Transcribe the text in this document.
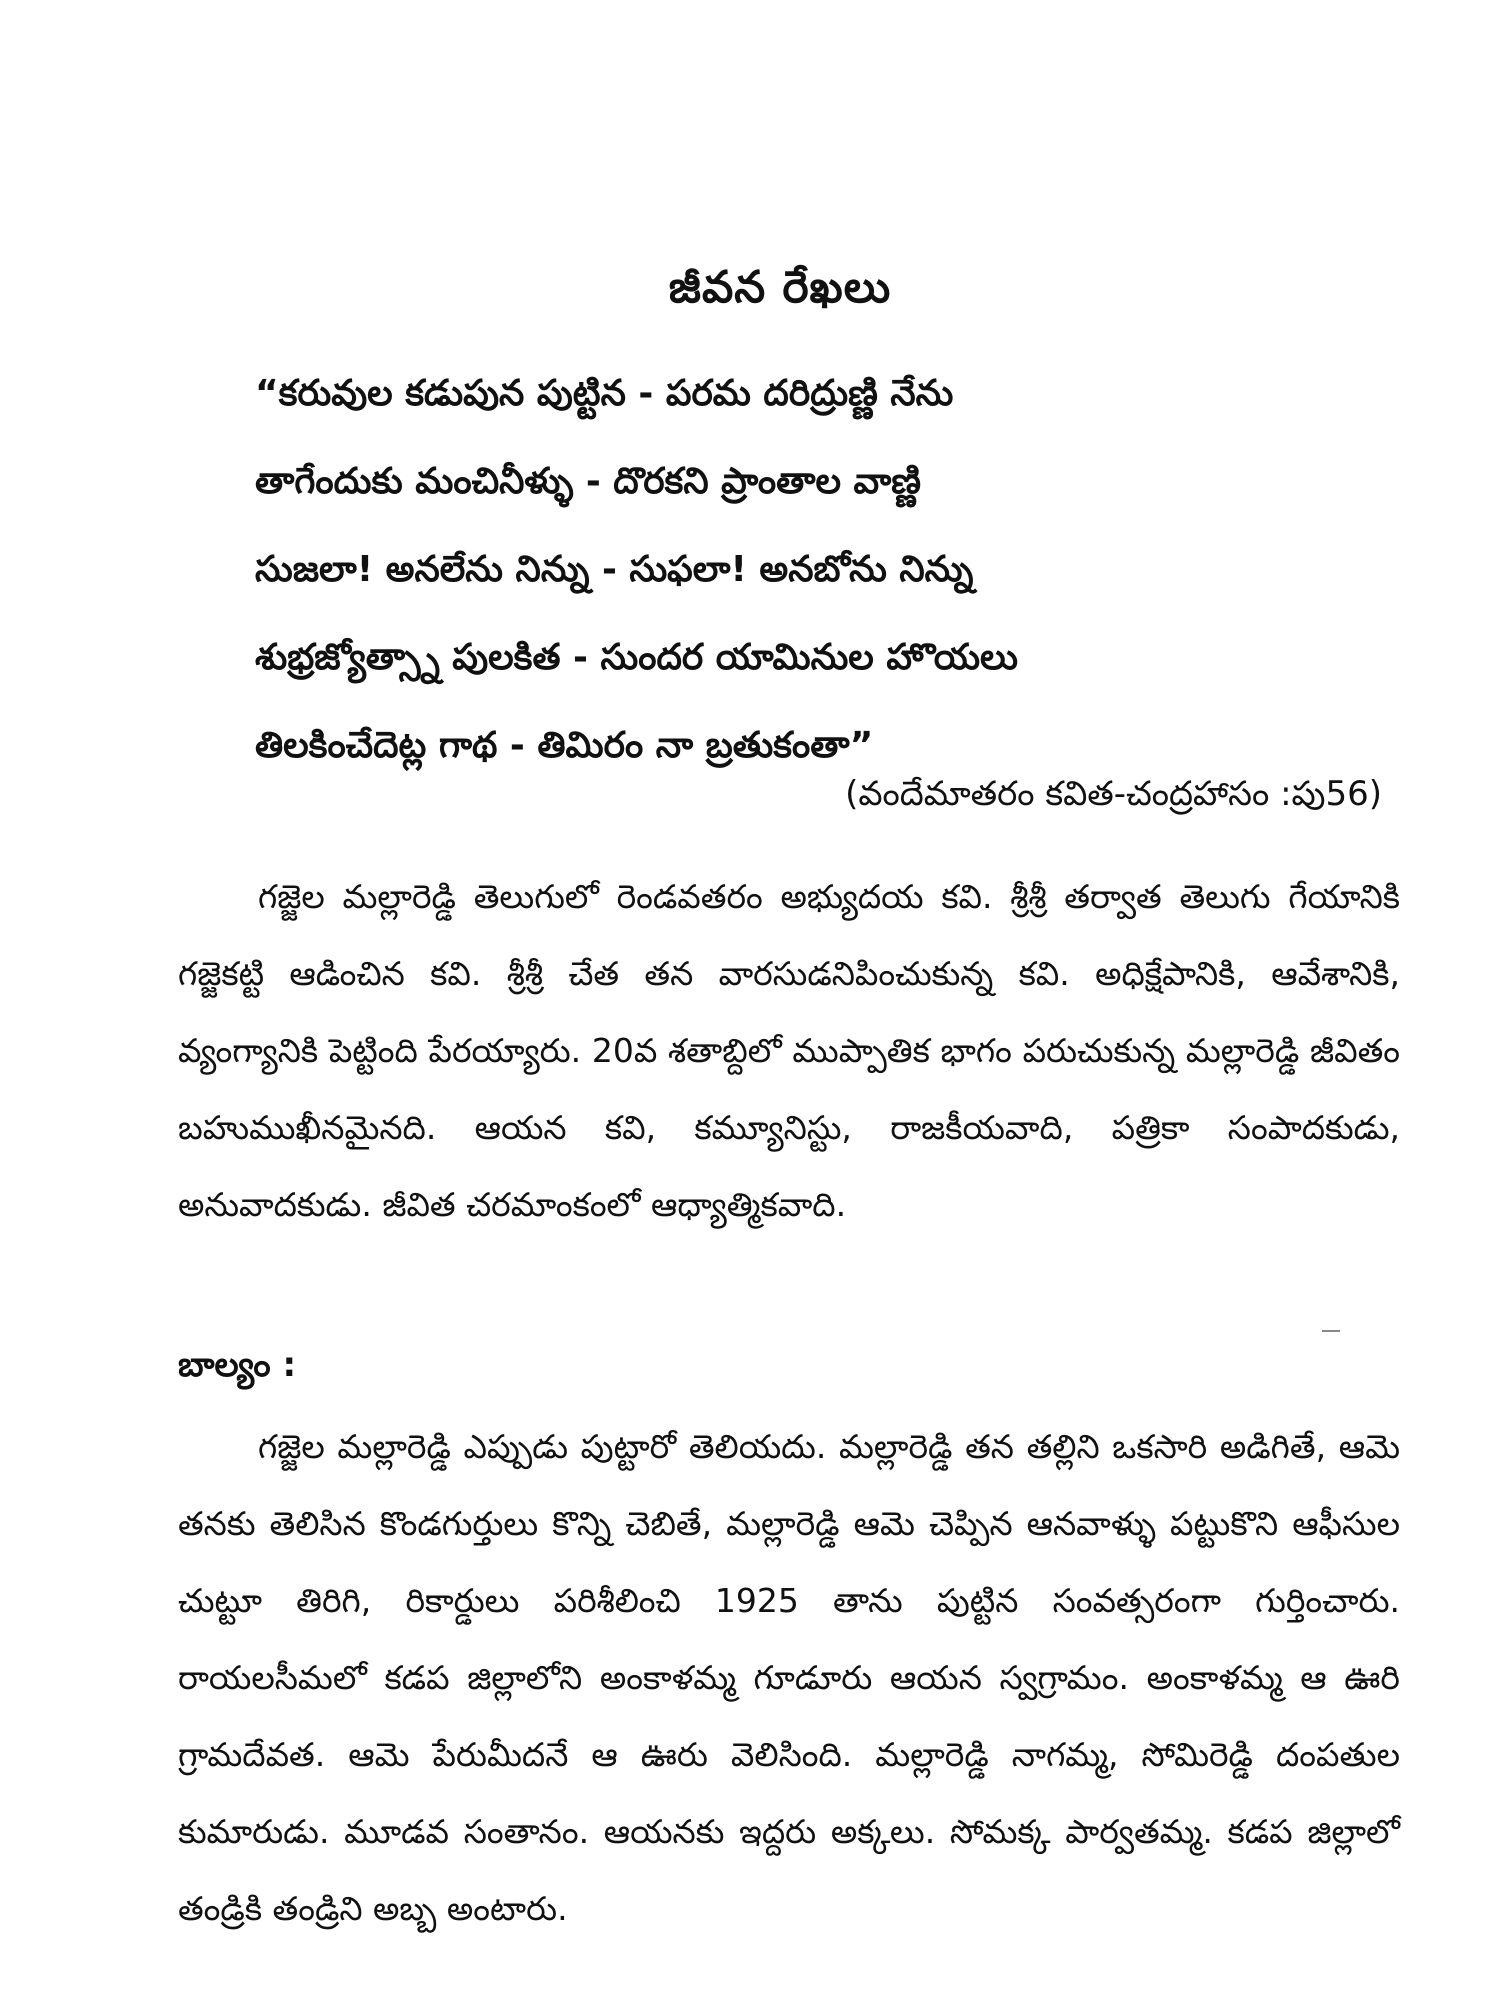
జీవన రేఖలు
“కరువుల కడుపున పుట్టిన - పరమ దరిద్రుణ్ణి నేను
తాగేందుకు మంచినీళ్ళు - దొరకని ప్రాంతాల వాణ్ణి
సుజలా! అనలేను నిన్ను - సుఫలా! అనబోను నిన్ను
శుభ్రజ్యోత్స్నా పులకిత - సుందర యామినుల హొయలు
తిలకించేదెట్ల గాథ - తిమిరం నా బ్రతుకంతా”
(వందేమాతరం కవిత-చంద్రహాసం :పు56)

గజ్జెల మల్లారెడ్డి తెలుగులో రెండవతరం అభ్యుదయ కవి. శ్రీశ్రీ తర్వాత తెలుగు గేయానికి గజ్జెకట్టి ఆడించిన కవి. శ్రీశ్రీ చేత తన వారసుడనిపించుకున్న కవి. అధిక్షేపానికి, ఆవేశానికి, వ్యంగ్యానికి పెట్టింది పేరయ్యారు. 20వ శతాబ్దిలో ముప్పాతిక భాగం పరుచుకున్న మల్లారెడ్డి జీవితం బహుముఖీనమైనది. ఆయన కవి, కమ్యూనిస్టు, రాజకీయవాది, పత్రికా సంపాదకుడు, అనువాదకుడు. జీవిత చరమాంకంలో ఆధ్యాత్మికవాది.

బాల్యం :

గజ్జెల మల్లారెడ్డి ఎప్పుడు పుట్టారో తెలియదు. మల్లారెడ్డి తన తల్లిని ఒకసారి అడిగితే, ఆమె తనకు తెలిసిన కొండగుర్తులు కొన్ని చెబితే, మల్లారెడ్డి ఆమె చెప్పిన ఆనవాళ్ళు పట్టుకొని ఆఫీసుల చుట్టూ తిరిగి, రికార్డులు పరిశీలించి 1925 తాను పుట్టిన సంవత్సరంగా గుర్తించారు. రాయలసీమలో కడప జిల్లాలోని అంకాళమ్మ గూడూరు ఆయన స్వగ్రామం. అంకాళమ్మ ఆ ఊరి గ్రామదేవత. ఆమె పేరుమీదనే ఆ ఊరు వెలిసింది. మల్లారెడ్డి నాగమ్మ, సోమిరెడ్డి దంపతుల కుమారుడు. మూడవ సంతానం. ఆయనకు ఇద్దరు అక్కలు. సోమక్క పార్వతమ్మ. కడప జిల్లాలో తండ్రికి తండ్రిని అబ్బ అంటారు.
